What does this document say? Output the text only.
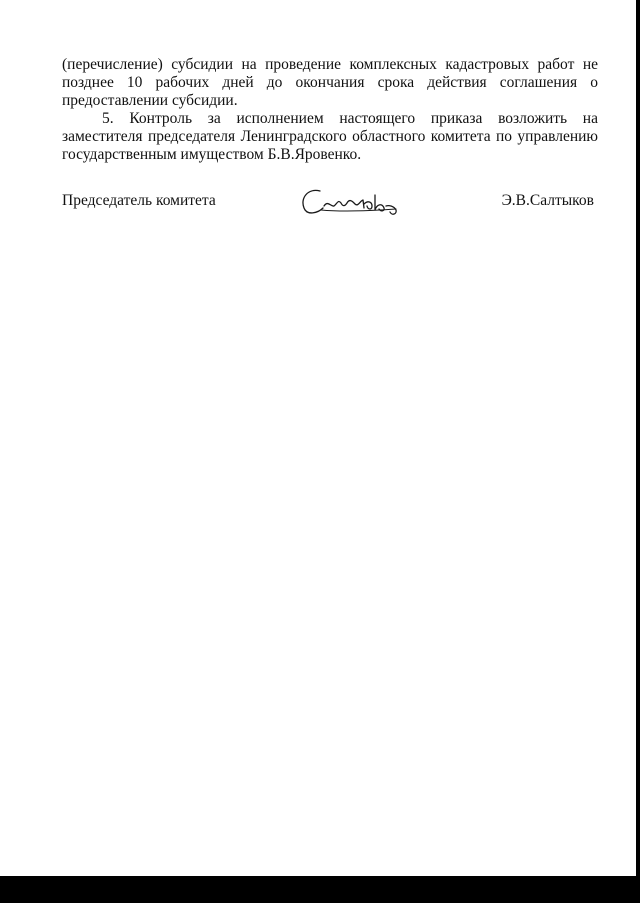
(перечисление) субсидии на проведение комплексных кадастровых работ не
позднее 10 рабочих дней до окончания срока действия соглашения о
предоставлении субсидии.
5. Контроль за исполнением настоящего приказа возложить на
заместителя председателя Ленинградского областного комитета по управлению
государственным имуществом Б.В.Яровенко.
Председатель комитета	Э.В.Салтыков
